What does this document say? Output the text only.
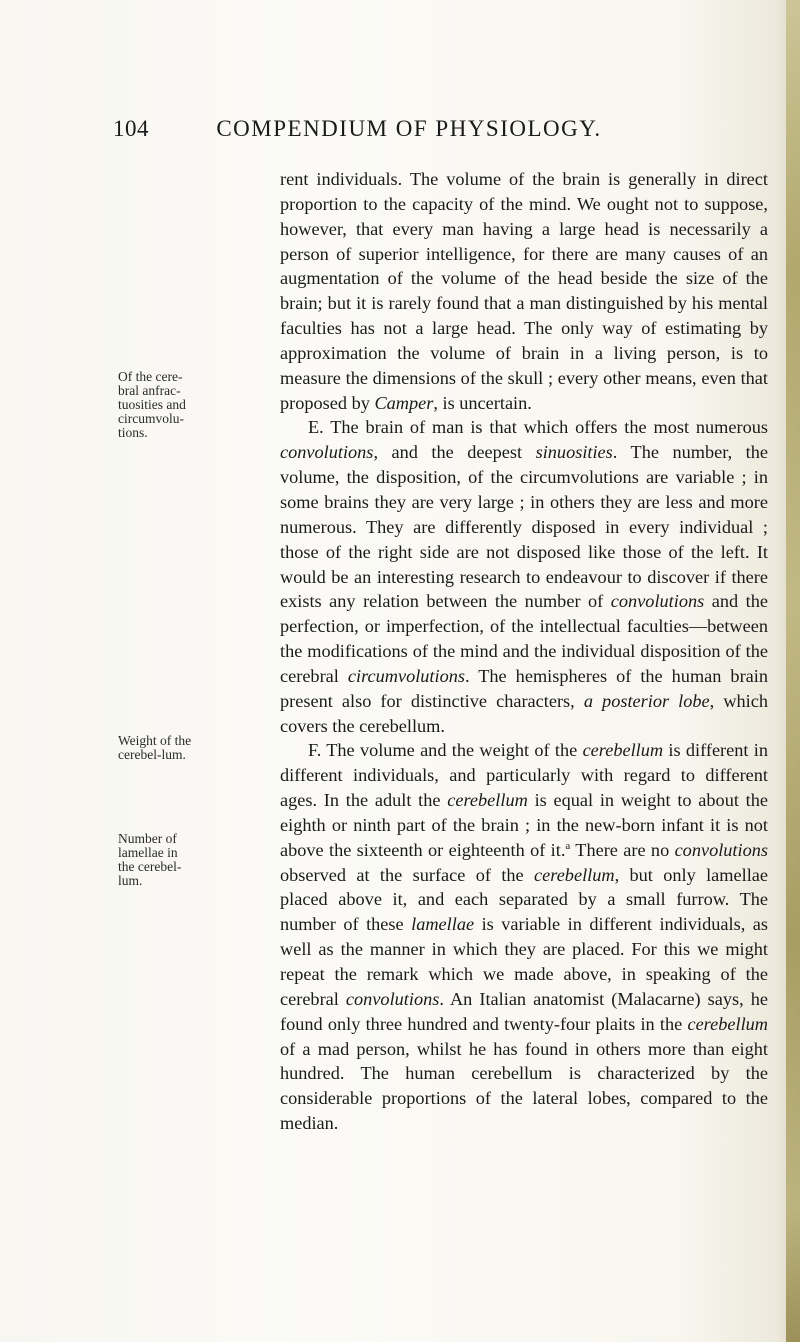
104	COMPENDIUM OF PHYSIOLOGY.
Of the cere-bral anfrac-tuosities and circumvolu-tions.
Weight of the cerebel-lum.
Number of lamellae in the cerebel-lum.

rent individuals. The volume of the brain is generally in direct proportion to the capacity of the mind. We ought not to suppose, however, that every man having a large head is necessarily a person of superior intelligence, for there are many causes of an augmentation of the volume of the head beside the size of the brain; but it is rarely found that a man distinguished by his mental faculties has not a large head. The only way of estimating by approximation the volume of brain in a living person, is to measure the dimensions of the skull ; every other means, even that proposed by Camper, is uncertain.

E. The brain of man is that which offers the most numerous convolutions, and the deepest sinuosities. The number, the volume, the disposition, of the circumvolutions are variable ; in some brains they are very large ; in others they are less and more numerous. They are differently disposed in every individual ; those of the right side are not disposed like those of the left. It would be an interesting research to endeavour to discover if there exists any relation between the number of convolutions and the perfection, or imperfection, of the intellectual faculties—between the modifications of the mind and the individual disposition of the cerebral circumvolutions. The hemispheres of the human brain present also for distinctive characters, a posterior lobe, which covers the cerebellum.

F. The volume and the weight of the cerebellum is different in different individuals, and particularly with regard to different ages. In the adult the cerebellum is equal in weight to about the eighth or ninth part of the brain ; in the new-born infant it is not above the sixteenth or eighteenth of it.$^a$ There are no convolutions observed at the surface of the cerebellum, but only lamellae placed above it, and each separated by a small furrow. The number of these lamellae is variable in different individuals, as well as the manner in which they are placed. For this we might repeat the remark which we made above, in speaking of the cerebral convolutions. An Italian anatomist (Malacarne) says, he found only three hundred and twenty-four plaits in the cerebellum of a mad person, whilst he has found in others more than eight hundred. The human cerebellum is characterized by the considerable proportions of the lateral lobes, compared to the median.
